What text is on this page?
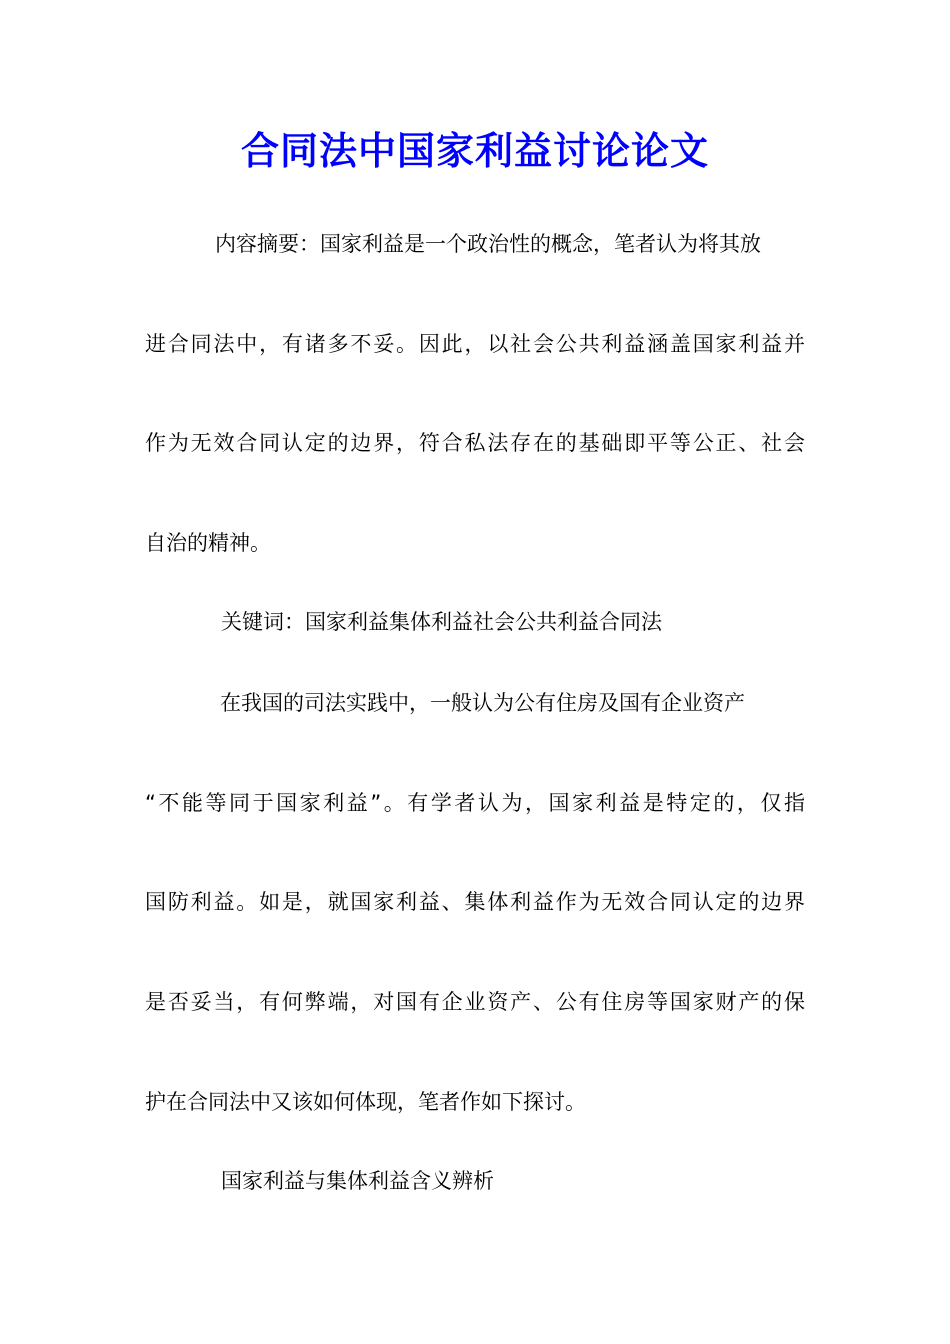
合同法中国家利益讨论论文
内容摘要：国家利益是一个政治性的概念，笔者认为将其放
进合同法中，有诸多不妥。因此，以社会公共利益涵盖国家利益并
作为无效合同认定的边界，符合私法存在的基础即平等公正、社会
自治的精神。
关键词：国家利益集体利益社会公共利益合同法
在我国的司法实践中，一般认为公有住房及国有企业资产
“不能等同于国家利益”。有学者认为，国家利益是特定的，仅指
国防利益。如是，就国家利益、集体利益作为无效合同认定的边界
是否妥当，有何弊端，对国有企业资产、公有住房等国家财产的保
护在合同法中又该如何体现，笔者作如下探讨。
国家利益与集体利益含义辨析
